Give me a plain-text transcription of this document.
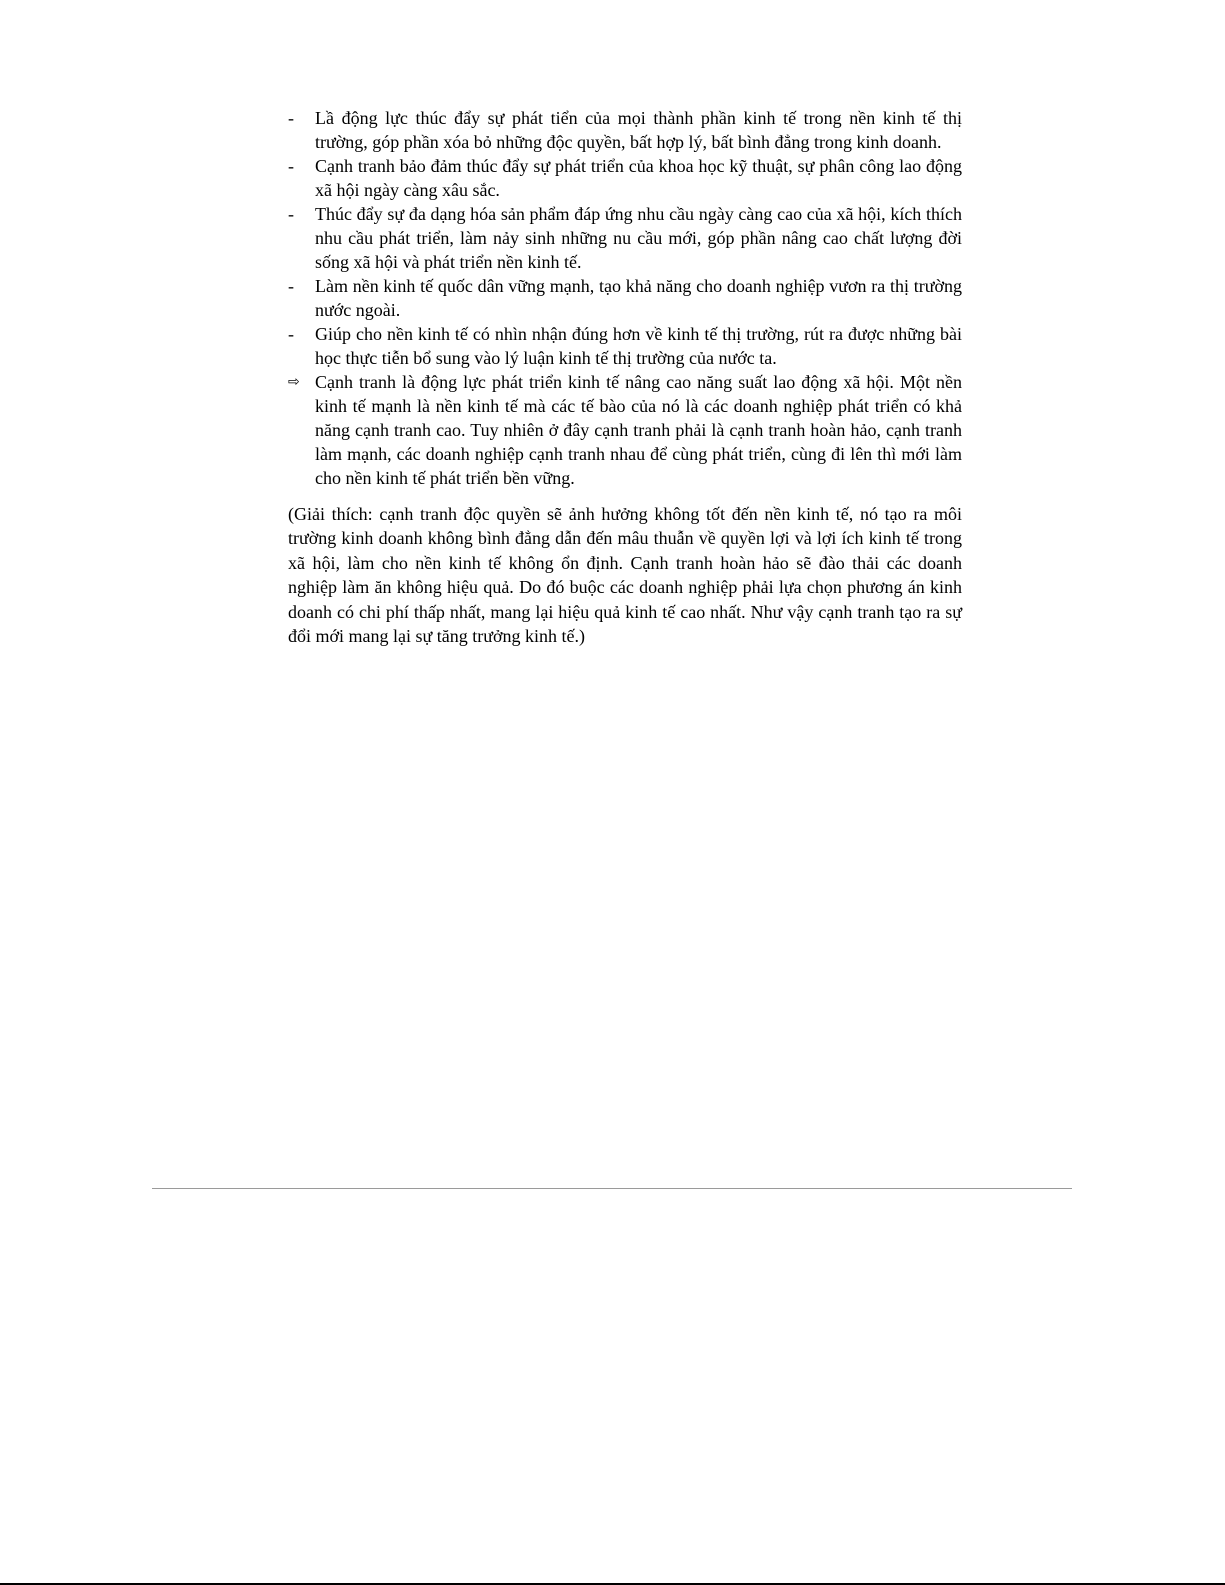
-	Lầ động lực thúc đẩy sự phát tiển của mọi thành phần kinh tế trong nền kinh tế thị trường, góp phần xóa bỏ những độc quyền, bất hợp lý, bất bình đẳng trong kinh doanh.
-	Cạnh tranh bảo đảm thúc đẩy sự phát triển của khoa học kỹ thuật, sự phân công lao động xã hội ngày càng xâu sắc.
-	Thúc đẩy sự đa dạng hóa sản phẩm đáp ứng nhu cầu ngày càng cao của xã hội, kích thích nhu cầu phát triển, làm nảy sinh những nu cầu mới, góp phần nâng cao chất lượng đời sống xã hội và phát triển nền kinh tế.
-	Làm nền kinh tế quốc dân vững mạnh, tạo khả năng cho doanh nghiệp vươn ra thị trường nước ngoài.
-	Giúp cho nền kinh tế có nhìn nhận đúng hơn về kinh tế thị trường, rút ra được những bài học thực tiễn bổ sung vào lý luận kinh tế thị trường của nước ta.
⇨ Cạnh tranh là động lực phát triển kinh tế nâng cao năng suất lao động xã hội. Một nền kinh tế mạnh là nền kinh tế mà các tế bào của nó là các doanh nghiệp phát triển có khả năng cạnh tranh cao. Tuy nhiên ở đây cạnh tranh phải là cạnh tranh hoàn hảo, cạnh tranh làm mạnh, các doanh nghiệp cạnh tranh nhau để cùng phát triển, cùng đi lên thì mới làm cho nền kinh tế phát triển bền vững.

(Giải thích: cạnh tranh độc quyền sẽ ảnh hưởng không tốt đến nền kinh tế, nó tạo ra môi trường kinh doanh không bình đẳng dẫn đến mâu thuẫn về quyền lợi và lợi ích kinh tế trong xã hội, làm cho nền kinh tế không ổn định. Cạnh tranh hoàn hảo sẽ đào thải các doanh nghiệp làm ăn không hiệu quả. Do đó buộc các doanh nghiệp phải lựa chọn phương án kinh doanh có chi phí thấp nhất, mang lại hiệu quả kinh tế cao nhất. Như vậy cạnh tranh tạo ra sự đổi mới mang lại sự tăng trưởng kinh tế.)
